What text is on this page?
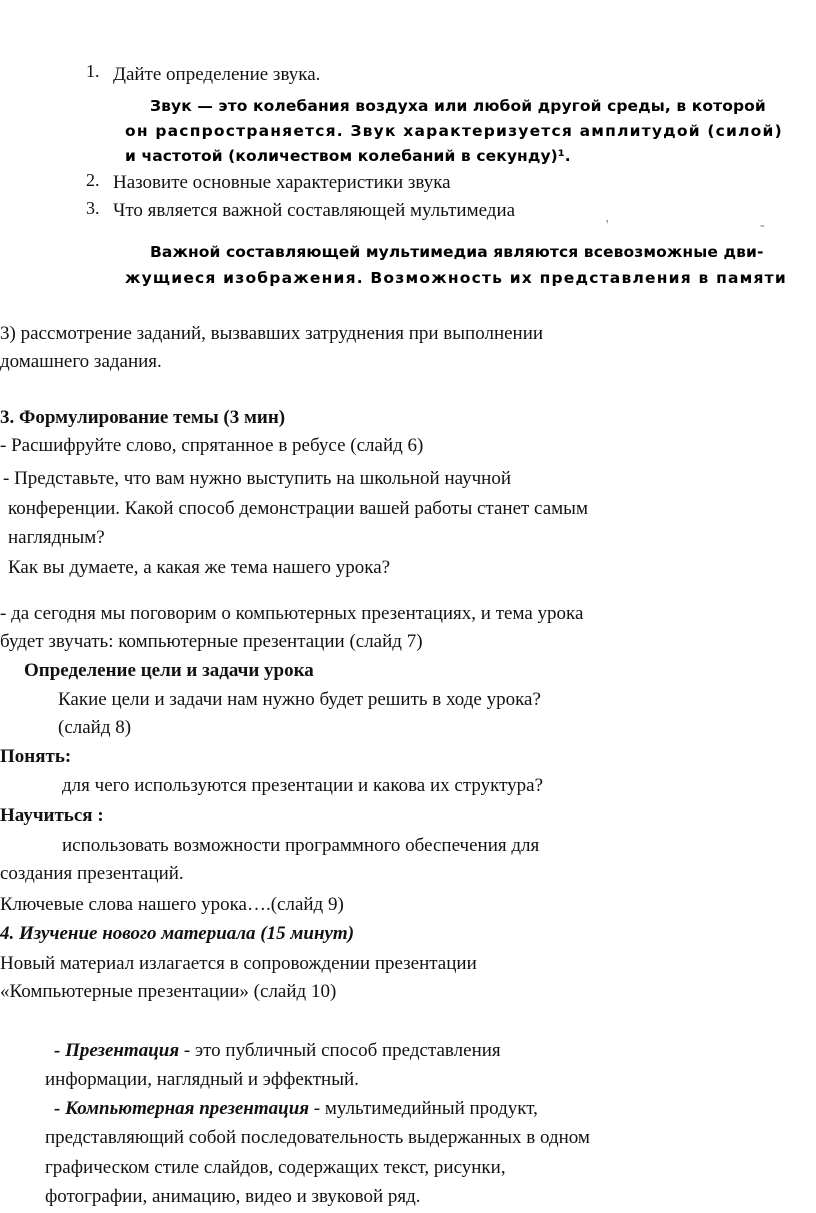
1. Дайте определение звука.
Звук — это колебания воздуха или любой другой среды, в которой
он распространяется. Звук характеризуется амплитудой (силой)
и частотой (количеством колебаний в секунду)¹.
2. Назовите основные характеристики звука
3. Что является важной составляющей мультимедиа
'	-
Важной составляющей мультимедиа являются всевозможные дви-
жущиеся изображения. Возможность их представления в памяти
3) рассмотрение заданий, вызвавших затруднения при выполнении
домашнего задания.
3. Формулирование темы (3 мин)
- Расшифруйте слово, спрятанное в ребусе (слайд 6)
- Представьте, что вам нужно выступить на школьной научной
конференции. Какой способ демонстрации вашей работы станет самым
наглядным?
Как вы думаете, а какая же тема нашего урока?
- да сегодня мы поговорим о компьютерных презентациях, и тема урока
будет звучать: компьютерные презентации (слайд 7)
Определение цели и задачи урока
Какие цели и задачи нам нужно будет решить в ходе урока?
(слайд 8)
Понять:
для чего используются презентации и какова их структура?
Научиться :
использовать возможности программного обеспечения для
создания презентаций.
Ключевые слова нашего урока….(слайд 9)
4. Изучение нового материала (15 минут)
Новый материал излагается в сопровождении презентации
«Компьютерные презентации» (слайд 10)
- Презентация - это публичный способ представления
информации, наглядный и эффектный.
- Компьютерная презентация - мультимедийный продукт,
представляющий собой последовательность выдержанных в одном
графическом стиле слайдов, содержащих текст, рисунки,
фотографии, анимацию, видео и звуковой ряд.
